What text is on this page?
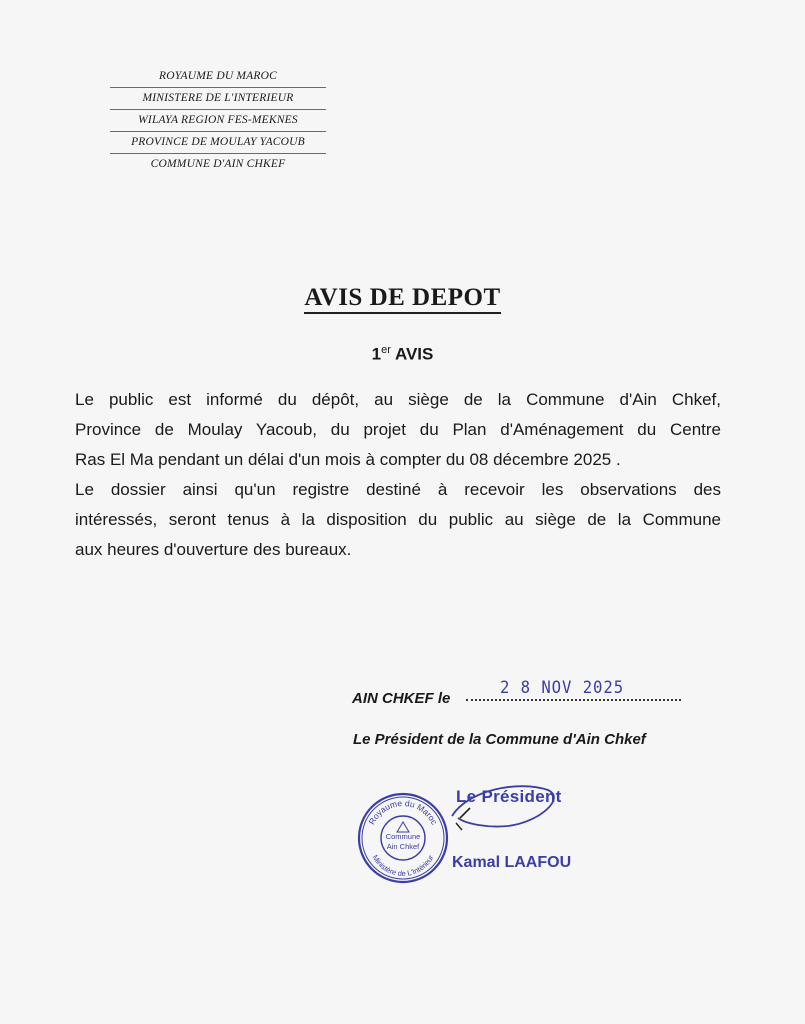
ROYAUME DU MAROC
MINISTERE DE L'INTERIEUR
WILAYA REGION FES-MEKNES
PROVINCE DE MOULAY YACOUB
COMMUNE D'AIN CHKEF
AVIS DE DEPOT
1er AVIS
Le public est informé du dépôt, au siège de la Commune d'Ain Chkef,
Province de Moulay Yacoub, du projet du Plan d'Aménagement du Centre
Ras El Ma pendant un délai d'un mois à compter du 08 décembre 2025 .
Le dossier ainsi qu'un registre destiné à recevoir les observations des
intéressés, seront tenus à la disposition du public au siège de la Commune
aux heures d'ouverture des bureaux.
AIN CHKEF le
2 8 NOV 2025
Le Président de la Commune d'Ain Chkef
Royaume du Maroc
Ministère de L'Intérieur
Commune
Ain Chkef
Le Président
Kamal LAAFOU
